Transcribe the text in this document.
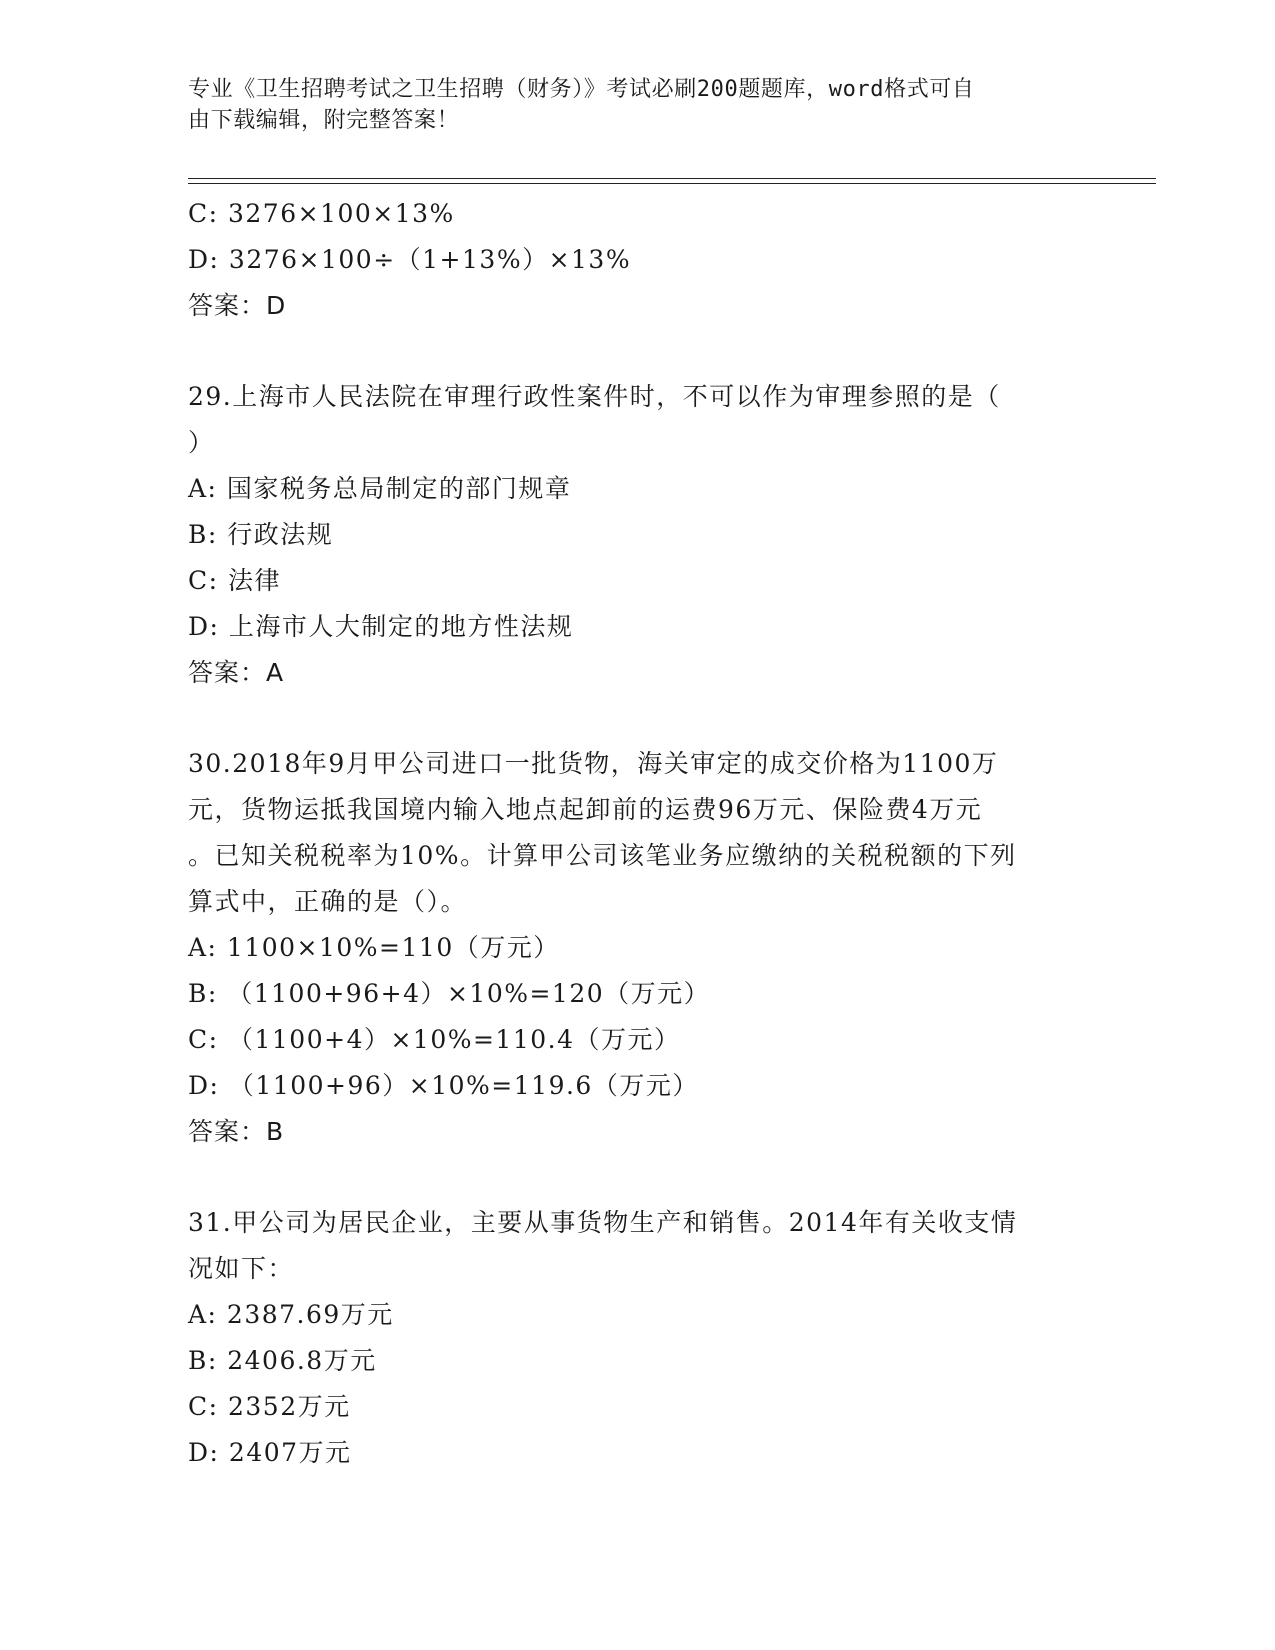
专业《卫生招聘考试之卫生招聘（财务）》考试必刷200题题库，word格式可自
由下载编辑，附完整答案！
C: 3276×100×13%
D: 3276×100÷（1+13%）×13%
答案：D
29.上海市人民法院在审理行政性案件时，不可以作为审理参照的是（
）
A: 国家税务总局制定的部门规章
B: 行政法规
C: 法律
D: 上海市人大制定的地方性法规
答案：A
30.2018年9月甲公司进口一批货物，海关审定的成交价格为1100万
元，货物运抵我国境内输入地点起卸前的运费96万元、保险费4万元
。已知关税税率为10%。计算甲公司该笔业务应缴纳的关税税额的下列
算式中，正确的是（）。
A: 1100×10%=110（万元）
B: （1100+96+4）×10%=120（万元）
C: （1100+4）×10%=110.4（万元）
D: （1100+96）×10%=119.6（万元）
答案：B
31.甲公司为居民企业，主要从事货物生产和销售。2014年有关收支情
况如下：
A: 2387.69万元
B: 2406.8万元
C: 2352万元
D: 2407万元
